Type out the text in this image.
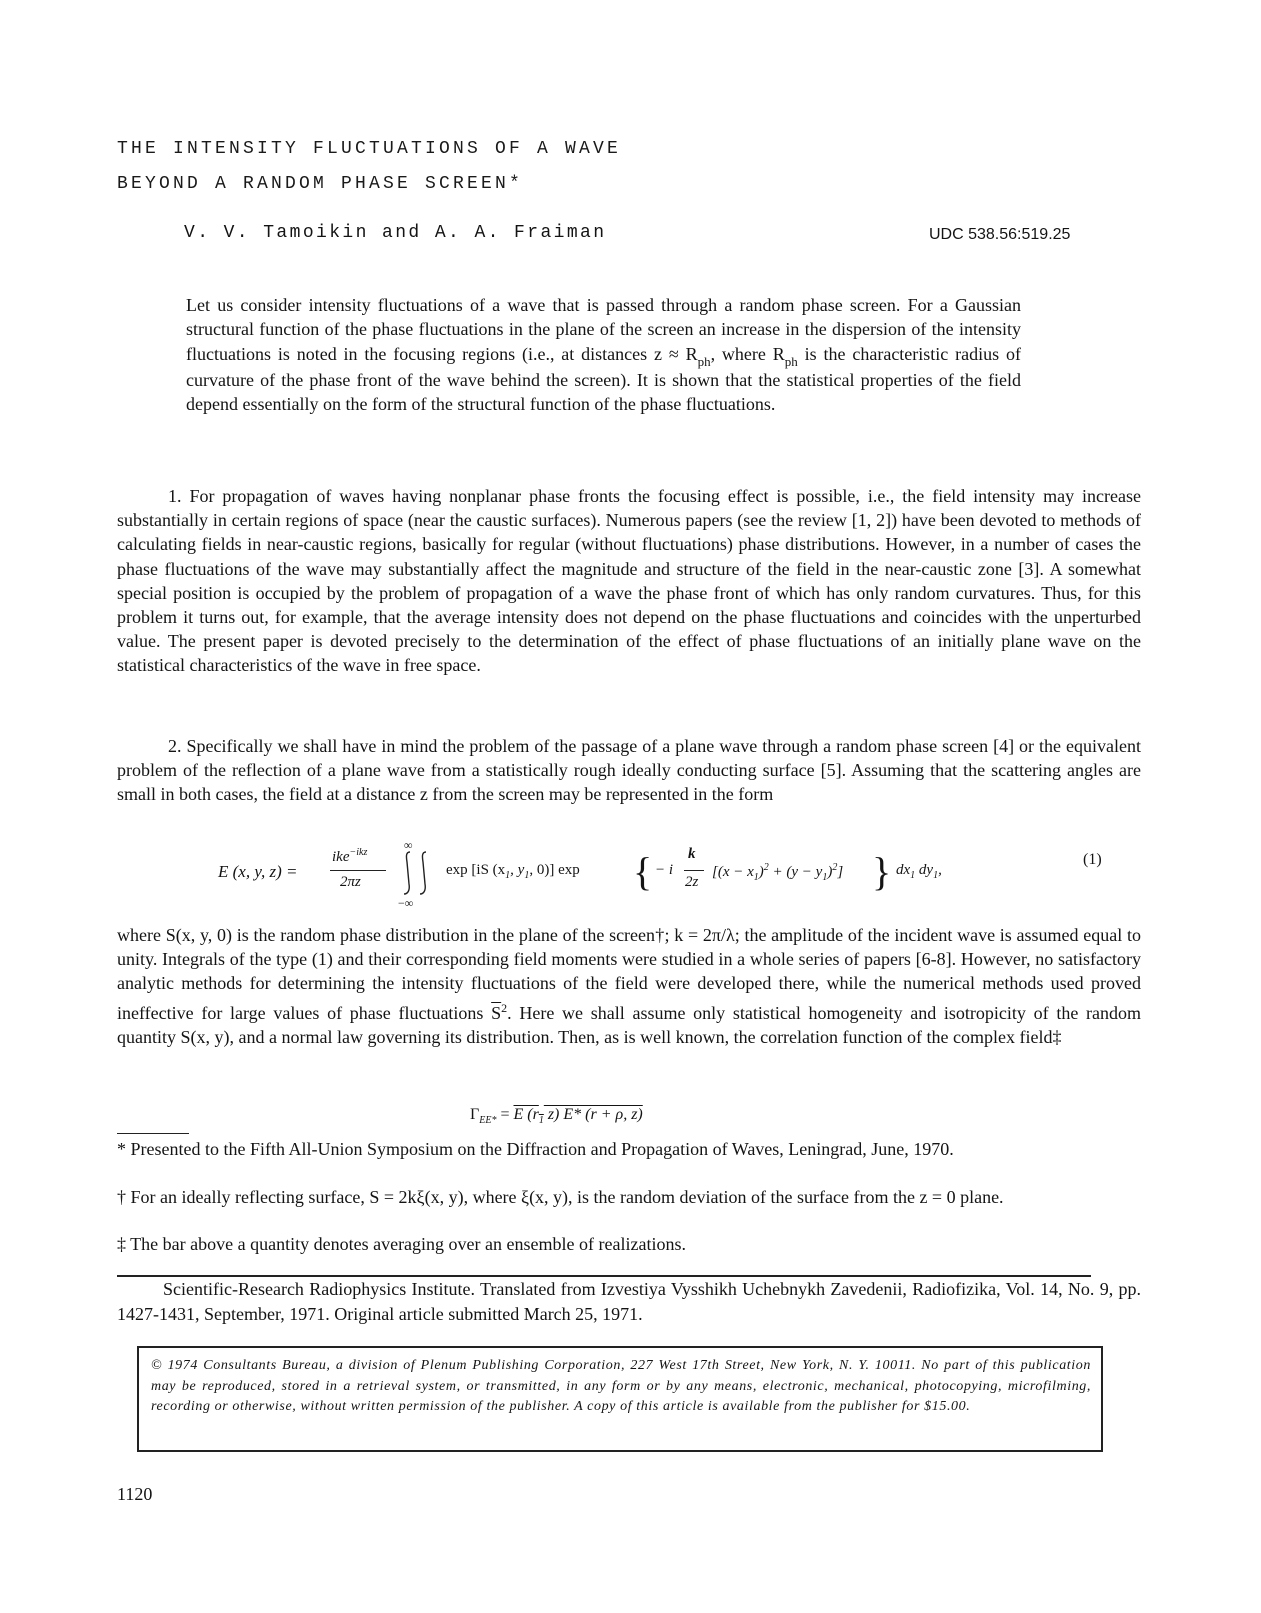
THE INTENSITY FLUCTUATIONS OF A WAVE
BEYOND A RANDOM PHASE SCREEN*
V. V. Tamoikin and A. A. Fraiman	UDC 538.56:519.25

Let us consider intensity fluctuations of a wave that is passed through a random phase screen. For a Gaussian structural function of the phase fluctuations in the plane of the screen an increase in the dispersion of the intensity fluctuations is noted in the focusing regions (i.e., at distances $z \approx R_{ph}$, where $R_{ph}$ is the characteristic radius of curvature of the phase front of the wave behind the screen). It is shown that the statistical properties of the field depend essentially on the form of the structural function of the phase fluctuations.

1. For propagation of waves having nonplanar phase fronts the focusing effect is possible, i.e., the field intensity may increase substantially in certain regions of space (near the caustic surfaces). Numerous papers (see the review [1, 2]) have been devoted to methods of calculating fields in near-caustic regions, basically for regular (without fluctuations) phase distributions. However, in a number of cases the phase fluctuations of the wave may substantially affect the magnitude and structure of the field in the near-caustic zone [3]. A somewhat special position is occupied by the problem of propagation of a wave the phase front of which has only random curvatures. Thus, for this problem it turns out, for example, that the average intensity does not depend on the phase fluctuations and coincides with the unperturbed value. The present paper is devoted precisely to the determination of the effect of phase fluctuations of an initially plane wave on the statistical characteristics of the wave in free space.

2. Specifically we shall have in mind the problem of the passage of a plane wave through a random phase screen [4] or the equivalent problem of the reflection of a plane wave from a statistically rough ideally conducting surface [5]. Assuming that the scattering angles are small in both cases, the field at a distance z from the screen may be represented in the form

E (x, y, z) =
ike$^{-ikz}$
2πz
∞
−∞
exp [iS ($x_1$, $y_1$, 0)] exp { − i
k
2z
$[(x - x_1)^2 + (y - y_1)^2]$ } $dx_1$ $dy_1$,
(1)

where S(x, y, 0) is the random phase distribution in the plane of the screen†; k = 2π/λ; the amplitude of the incident wave is assumed equal to unity. Integrals of the type (1) and their corresponding field moments were studied in a whole series of papers [6-8]. However, no satisfactory analytic methods for determining the intensity fluctuations of the field were developed there, while the numerical methods used proved ineffective for large values of phase fluctuations $\overline{S}^2$. Here we shall assume only statistical homogeneity and isotropicity of the random quantity S(x, y), and a normal law governing its distribution. Then, as is well known, the correlation function of the complex field‡

$\Gamma_{EE*} = E$ ($r_1$ z) E* (r + ρ, z)
* Presented to the Fifth All-Union Symposium on the Diffraction and Propagation of Waves, Leningrad, June, 1970.
† For an ideally reflecting surface, S = 2kξ(x, y), where ξ(x, y), is the random deviation of the surface from the z = 0 plane.
‡ The bar above a quantity denotes averaging over an ensemble of realizations.
Scientific-Research Radiophysics Institute. Translated from Izvestiya Vysshikh Uchebnykh Zavedenii, Radiofizika, Vol. 14, No. 9, pp. 1427-1431, September, 1971. Original article submitted March 25, 1971.
© 1974 Consultants Bureau, a division of Plenum Publishing Corporation, 227 West 17th Street, New York, N. Y. 10011. No part of this publication may be reproduced, stored in a retrieval system, or transmitted, in any form or by any means, electronic, mechanical, photocopying, microfilming, recording or otherwise, without written permission of the publisher. A copy of this article is available from the publisher for $15.00.
1120
